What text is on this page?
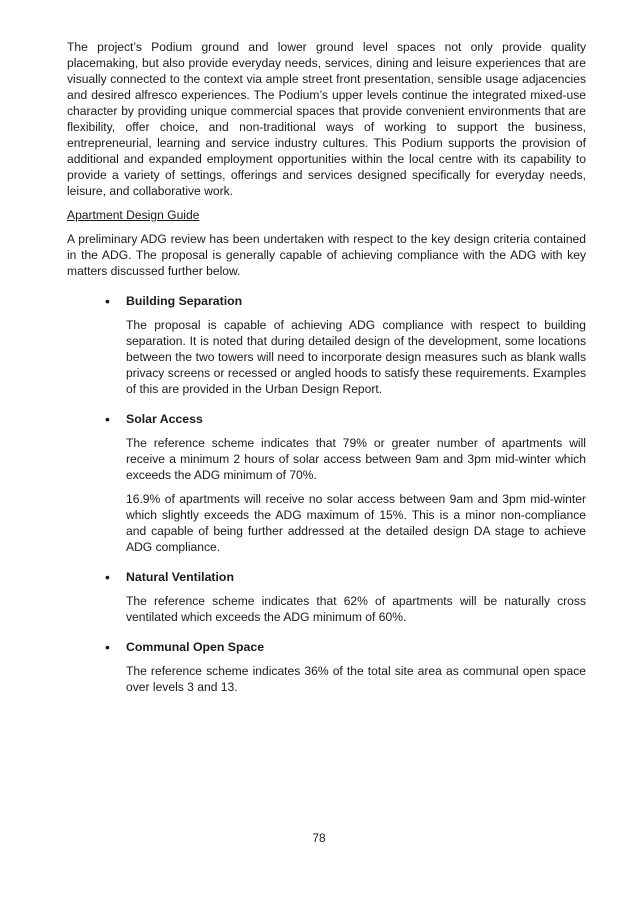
The project’s Podium ground and lower ground level spaces not only provide quality placemaking, but also provide everyday needs, services, dining and leisure experiences that are visually connected to the context via ample street front presentation, sensible usage adjacencies and desired alfresco experiences. The Podium’s upper levels continue the integrated mixed-use character by providing unique commercial spaces that provide convenient environments that are flexibility, offer choice, and non-traditional ways of working to support the business, entrepreneurial, learning and service industry cultures. This Podium supports the provision of additional and expanded employment opportunities within the local centre with its capability to provide a variety of settings, offerings and services designed specifically for everyday needs, leisure, and collaborative work.

Apartment Design Guide

A preliminary ADG review has been undertaken with respect to the key design criteria contained in the ADG. The proposal is generally capable of achieving compliance with the ADG with key matters discussed further below.

• Building Separation

The proposal is capable of achieving ADG compliance with respect to building separation. It is noted that during detailed design of the development, some locations between the two towers will need to incorporate design measures such as blank walls privacy screens or recessed or angled hoods to satisfy these requirements. Examples of this are provided in the Urban Design Report.

• Solar Access

The reference scheme indicates that 79% or greater number of apartments will receive a minimum 2 hours of solar access between 9am and 3pm mid-winter which exceeds the ADG minimum of 70%.

16.9% of apartments will receive no solar access between 9am and 3pm mid-winter which slightly exceeds the ADG maximum of 15%. This is a minor non-compliance and capable of being further addressed at the detailed design DA stage to achieve ADG compliance.

• Natural Ventilation

The reference scheme indicates that 62% of apartments will be naturally cross ventilated which exceeds the ADG minimum of 60%.

• Communal Open Space

The reference scheme indicates 36% of the total site area as communal open space over levels 3 and 13.

78
